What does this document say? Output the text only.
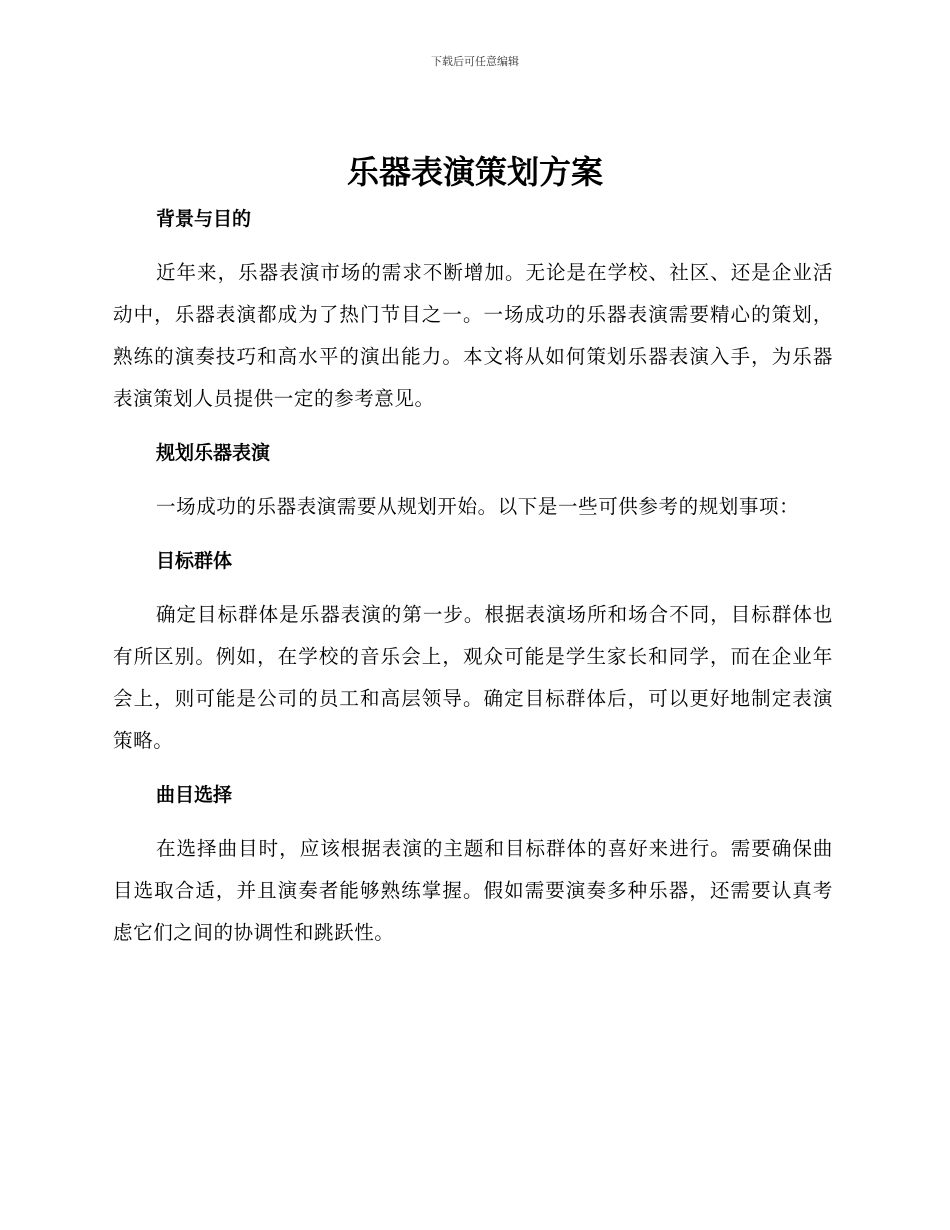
下载后可任意编辑
乐器表演策划方案
背景与目的

近年来，乐器表演市场的需求不断增加。无论是在学校、社区、还是企业活动中，乐器表演都成为了热门节目之一。一场成功的乐器表演需要精心的策划，熟练的演奏技巧和高水平的演出能力。本文将从如何策划乐器表演入手，为乐器表演策划人员提供一定的参考意见。

规划乐器表演

一场成功的乐器表演需要从规划开始。以下是一些可供参考的规划事项：

目标群体

确定目标群体是乐器表演的第一步。根据表演场所和场合不同，目标群体也有所区别。例如，在学校的音乐会上，观众可能是学生家长和同学，而在企业年会上，则可能是公司的员工和高层领导。确定目标群体后，可以更好地制定表演策略。

曲目选择

在选择曲目时，应该根据表演的主题和目标群体的喜好来进行。需要确保曲目选取合适，并且演奏者能够熟练掌握。假如需要演奏多种乐器，还需要认真考虑它们之间的协调性和跳跃性。
